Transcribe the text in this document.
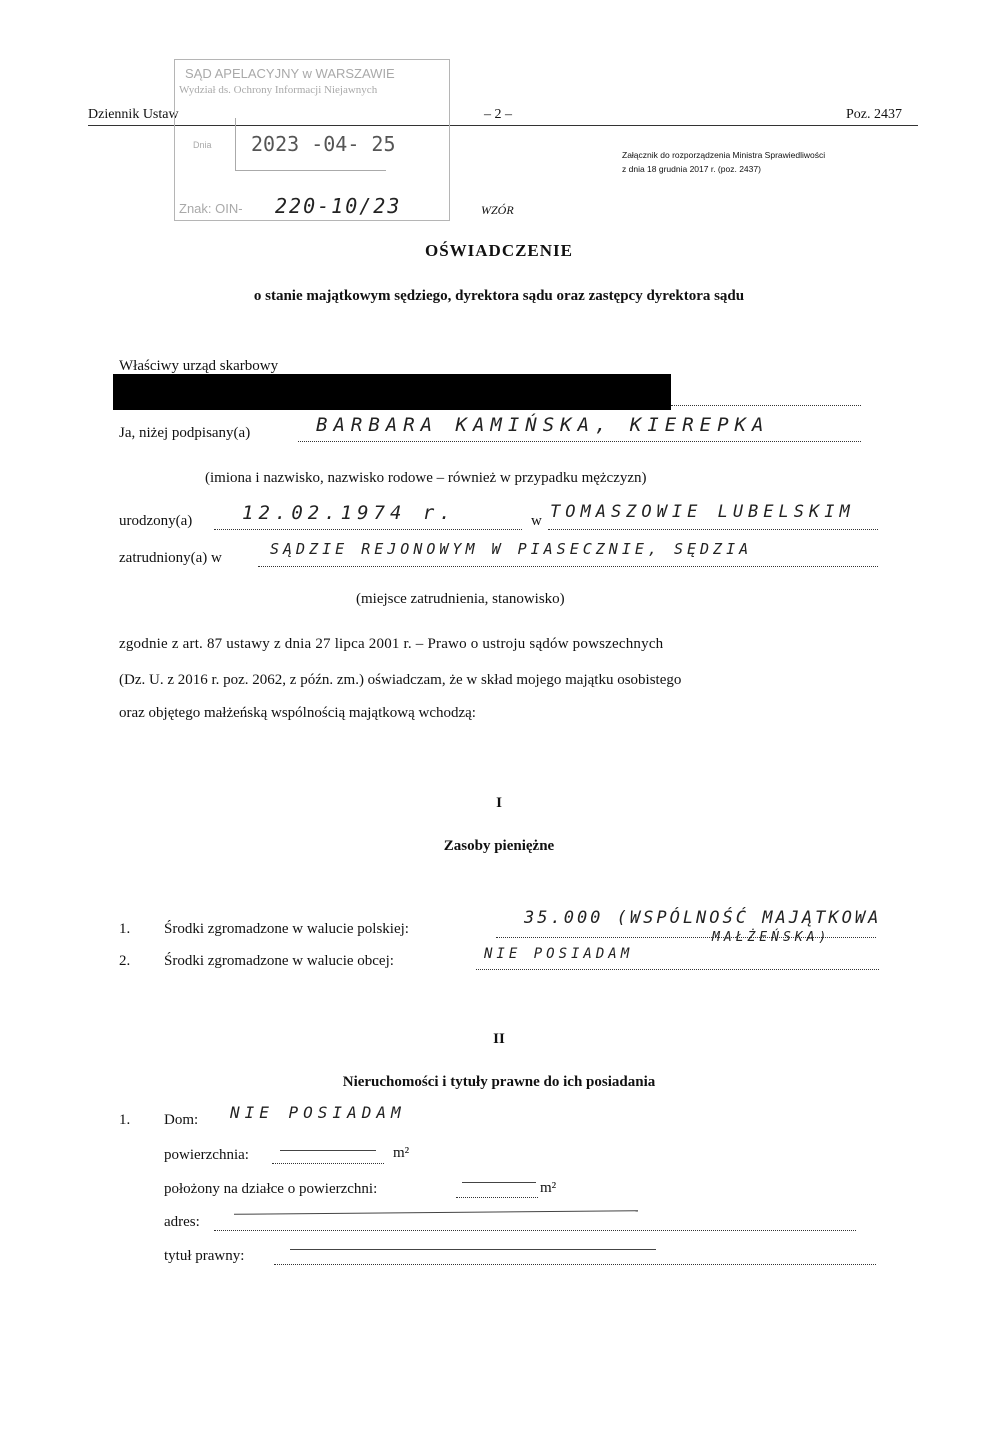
Dziennik Ustaw	– 2 –	Poz. 2437
Załącznik do rozporządzenia Ministra Sprawiedliwości
z dnia 18 grudnia 2017 r. (poz. 2437)
SĄD APELACYJNY w WARSZAWIE
Wydział ds. Ochrony Informacji Niejawnych
Dnia 2023 -04- 25
Znak: OIN- 220-10/23	WZÓR
OŚWIADCZENIE
o stanie majątkowym sędziego, dyrektora sądu oraz zastępcy dyrektora sądu
Właściwy urząd skarbowy
Ja, niżej podpisany(a)	BARBARA KAMIŃSKA, KIEREPKA
(imiona i nazwisko, nazwisko rodowe – również w przypadku mężczyzn)
urodzony(a)	12.02.1974 r.	w TOMASZOWIE LUBELSKIM
zatrudniony(a) w	SĄDZIE REJONOWYM W PIASECZNIE, SĘDZIA
(miejsce zatrudnienia, stanowisko)
zgodnie z art. 87 ustawy z dnia 27 lipca 2001 r. – Prawo o ustroju sądów powszechnych
(Dz. U. z 2016 r. poz. 2062, z późn. zm.) oświadczam, że w skład mojego majątku osobistego
oraz objętego małżeńską wspólnością majątkową wchodzą:
I
Zasoby pieniężne
1. Środki zgromadzone w walucie polskiej:
35.000 (WSPÓLNOŚĆ MAJĄTKOWA
MAŁŻEŃSKA)
2. Środki zgromadzone w walucie obcej:	NIE POSIADAM
II
Nieruchomości i tytuły prawne do ich posiadania
1. Dom: NIE POSIADAM
powierzchnia:	m²
położony na działce o powierzchni:	m²
adres:
tytuł prawny:
